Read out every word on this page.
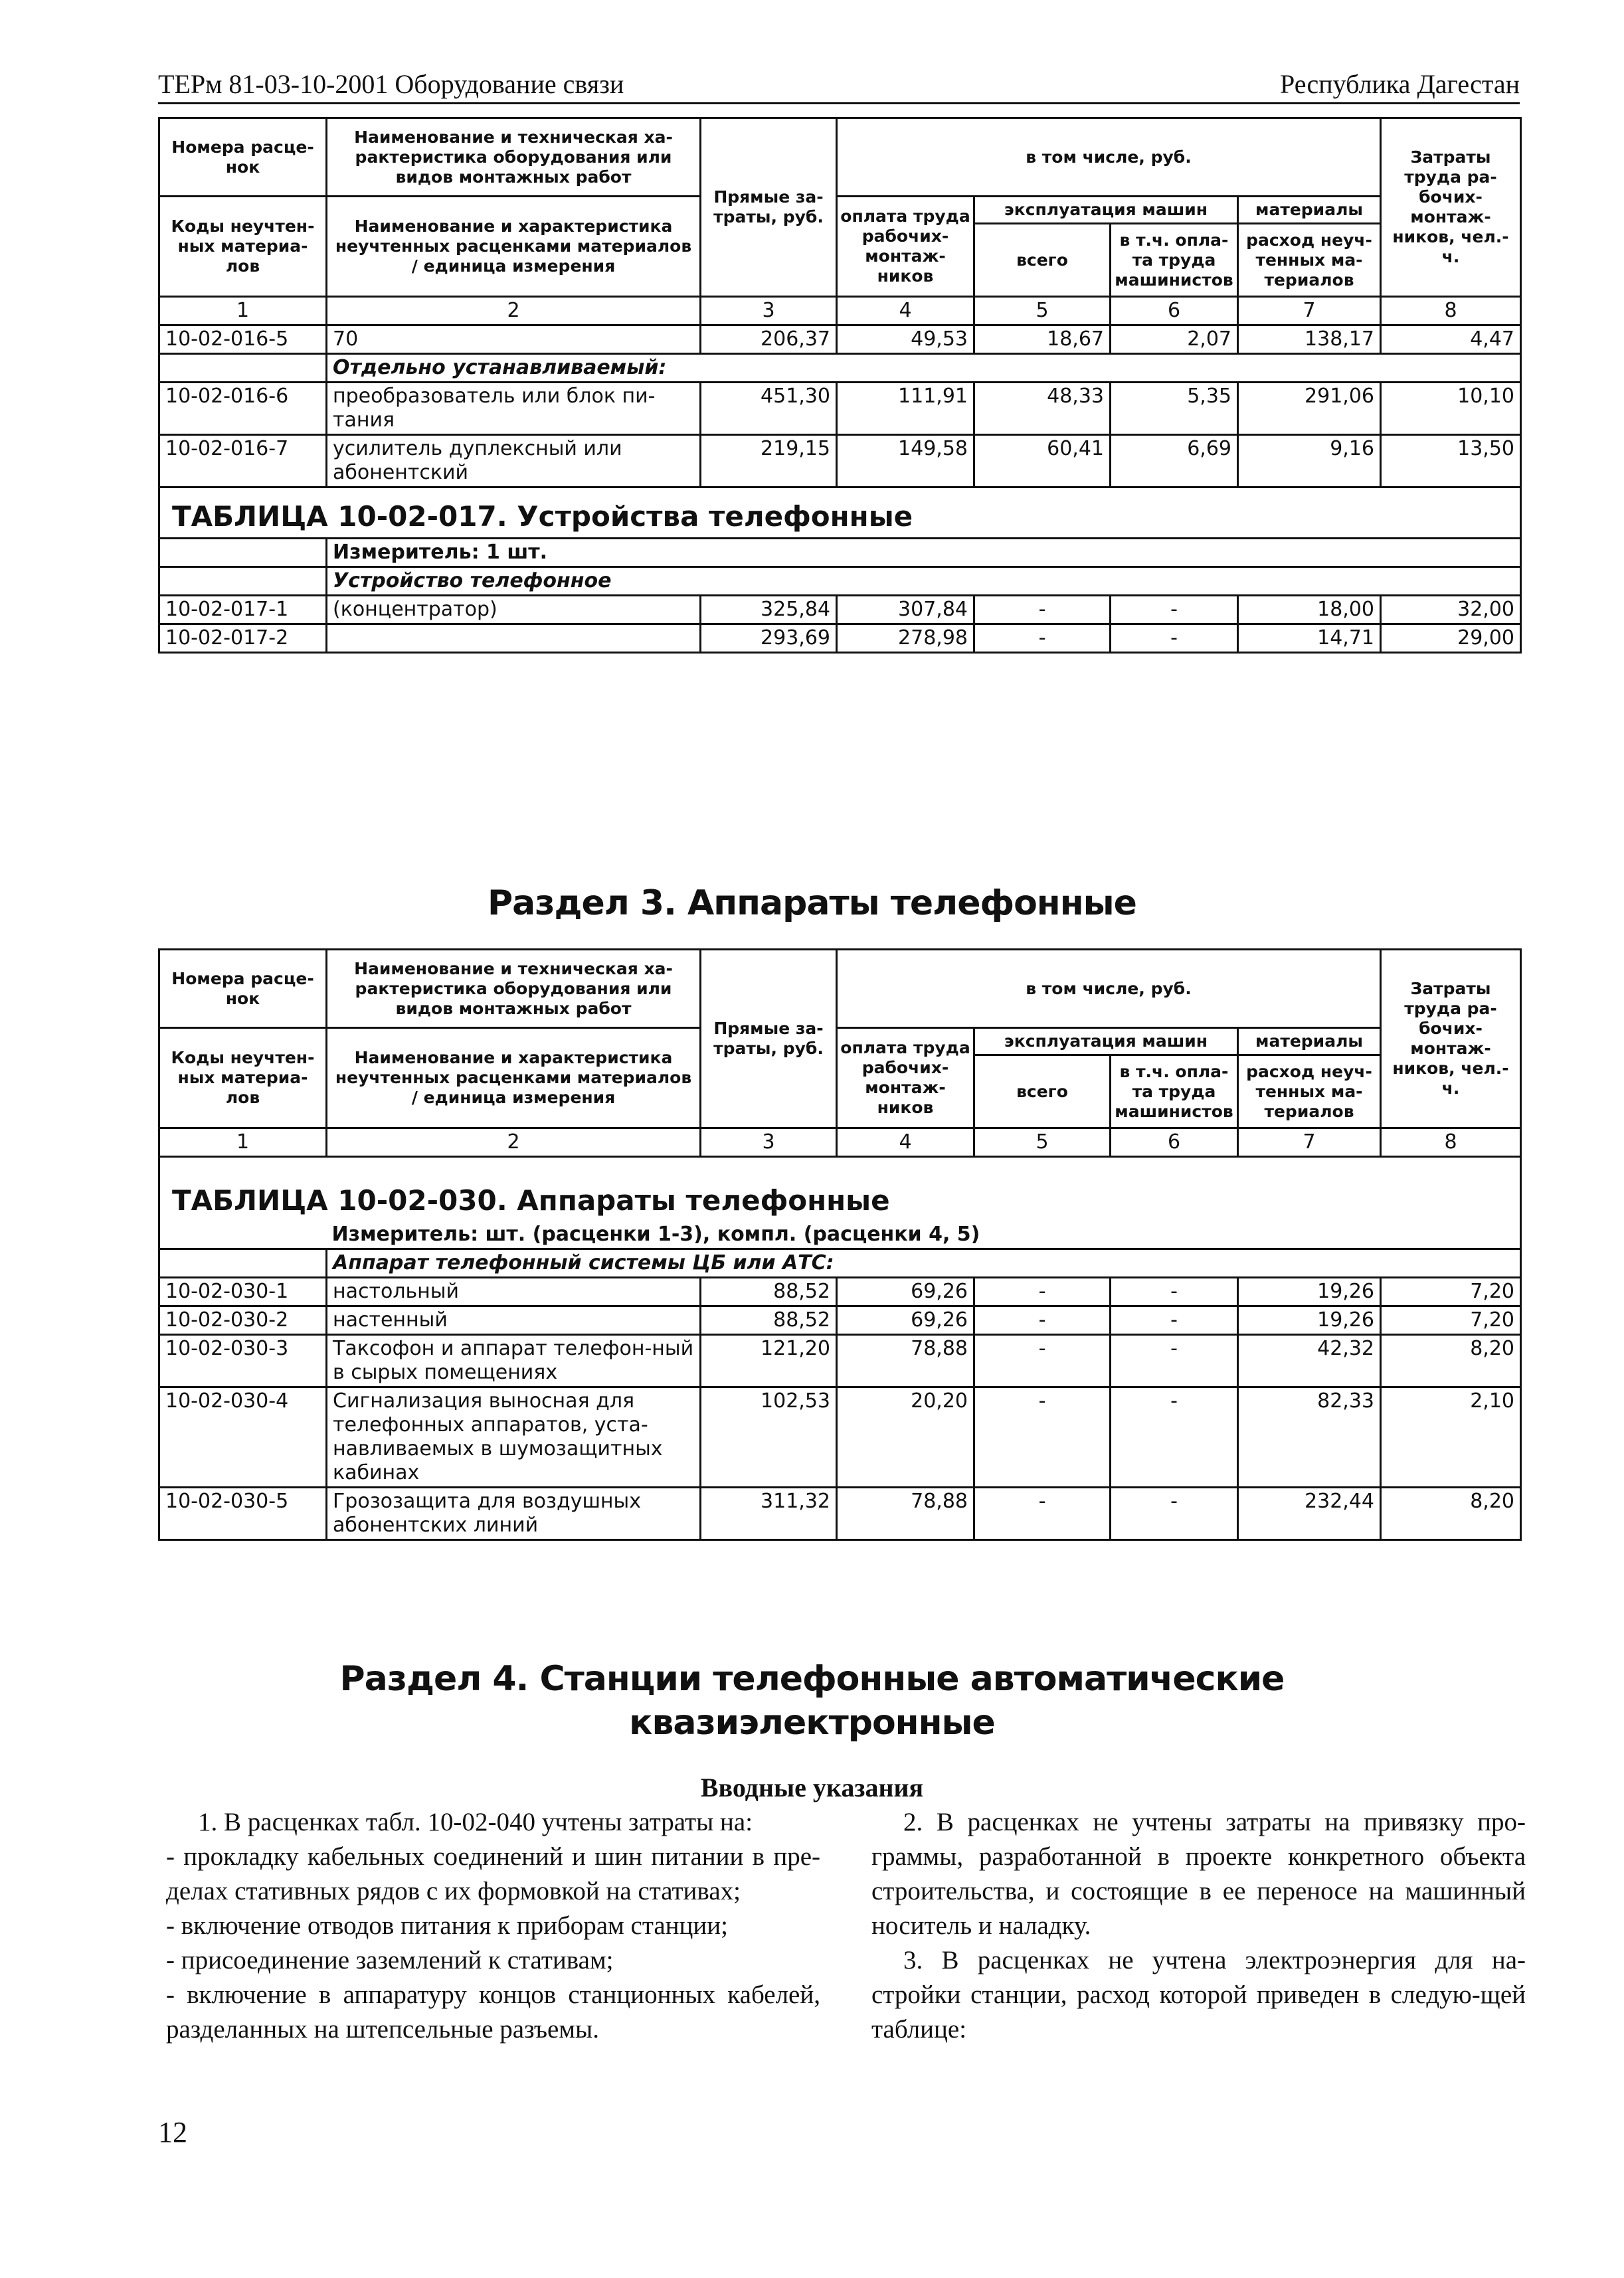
ТЕРм 81-03-10-2001 Оборудование связи	Республика Дагестан
Номера расце-нок	Наименование и техническая ха-рактеристика оборудования или видов монтажных работ	Прямые за-траты, руб.	в том числе, руб.				Затраты труда ра-бочих-монтаж-ников, чел.-ч.
Коды неучтен-ных материа-лов	Наименование и характеристика неучтенных расценками материалов / единица измерения		оплата труда рабочих-монтаж-ников	эксплуатация машин		материалы	
				всего	в т.ч. опла-та труда машинистов	расход неуч-тенных ма-териалов	
1	2	3	4	5	6	7	8
10-02-016-5	70	206,37	49,53	18,67	2,07	138,17	4,47
	Отдельно устанавливаемый:						
10-02-016-6	преобразователь или блок пи-тания	451,30	111,91	48,33	5,35	291,06	10,10
10-02-016-7	усилитель дуплексный или абонентский	219,15	149,58	60,41	6,69	9,16	13,50
ТАБЛИЦА 10-02-017. Устройства телефонные							
	Измеритель: 1 шт.						
	Устройство телефонное						
10-02-017-1	(концентратор)	325,84	307,84	-	-	18,00	32,00
10-02-017-2		293,69	278,98	-	-	14,71	29,00
Раздел 3. Аппараты телефонные
Номера расце-нок	Наименование и техническая ха-рактеристика оборудования или видов монтажных работ	Прямые за-траты, руб.	в том числе, руб.				Затраты труда ра-бочих-монтаж-ников, чел.-ч.
Коды неучтен-ных материа-лов	Наименование и характеристика неучтенных расценками материалов / единица измерения		оплата труда рабочих-монтаж-ников	эксплуатация машин		материалы	
				всего	в т.ч. опла-та труда машинистов	расход неуч-тенных ма-териалов	
1	2	3	4	5	6	7	8
ТАБЛИЦА 10-02-030. Аппараты телефонные							
	Измеритель: шт. (расценки 1-3), компл. (расценки 4, 5)						
	Аппарат телефонный системы ЦБ или АТС:						
10-02-030-1	настольный	88,52	69,26	-	-	19,26	7,20
10-02-030-2	настенный	88,52	69,26	-	-	19,26	7,20
10-02-030-3	Таксофон и аппарат телефон-ный в сырых помещениях	121,20	78,88	-	-	42,32	8,20
10-02-030-4	Сигнализация выносная для телефонных аппаратов, уста-навливаемых в шумозащитных кабинах	102,53	20,20	-	-	82,33	2,10
10-02-030-5	Грозозащита для воздушных абонентских линий	311,32	78,88	-	-	232,44	8,20
Раздел 4. Станции телефонные автоматические
квазиэлектронные
Вводные указания

1. В расценках табл. 10-02-040 учтены затраты на:

- прокладку кабельных соединений и шин питании в пре-делах стативных рядов с их формовкой на стативах;

- включение отводов питания к приборам станции;

- присоединение заземлений к стативам;

- включение в аппаратуру концов станционных кабелей, разделанных на штепсельные разъемы.

2. В расценках не учтены затраты на привязку про-граммы, разработанной в проекте конкретного объекта строительства, и состоящие в ее переносе на машинный носитель и наладку.

3. В расценках не учтена электроэнергия для на-стройки станции, расход которой приведен в следую-щей таблице:

12
